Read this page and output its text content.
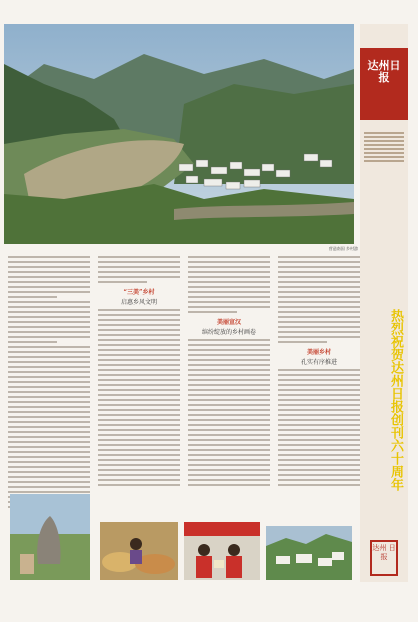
营造南国 乡村游
达州日报
热烈祝贺达州日报创刊六十周年
达州 日报
“三美”乡村
启惠乡风文明
美丽宣汉
缤纷绽放的乡村画卷
美丽乡村
孔实有序推进
